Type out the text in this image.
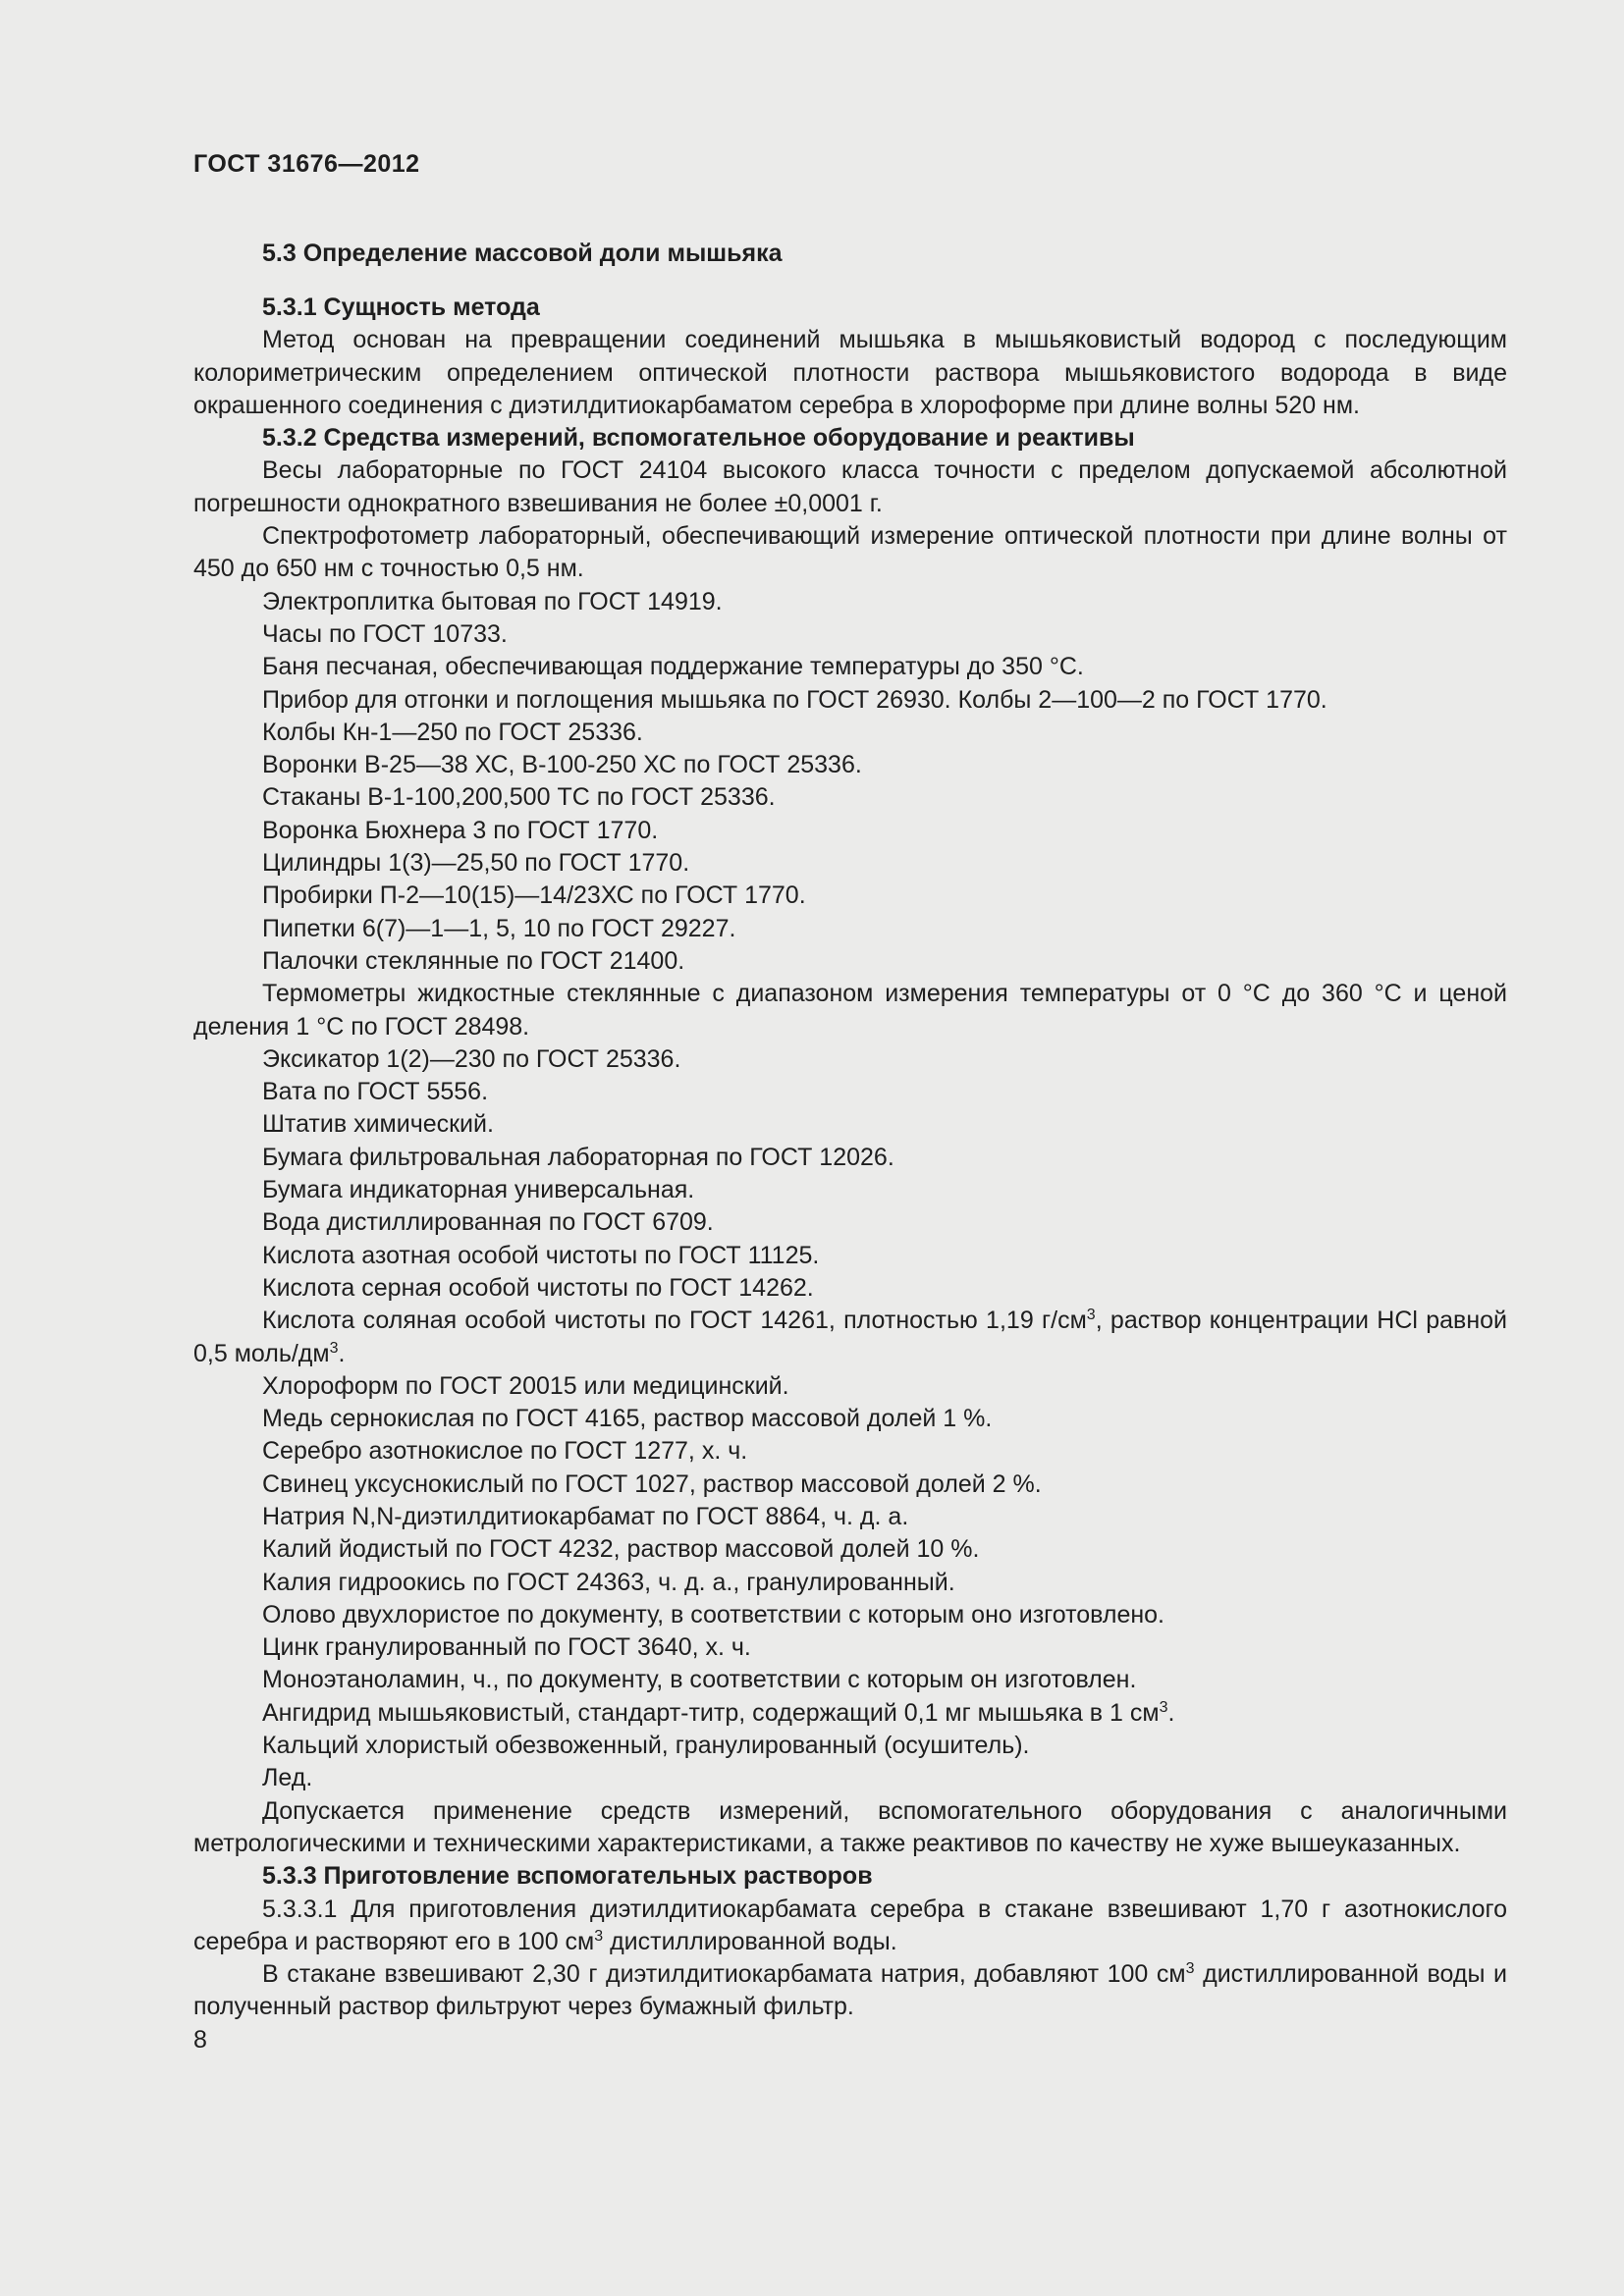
ГОСТ 31676—2012
5.3 Определение массовой доли мышьяка
5.3.1 Сущность метода
Метод основан на превращении соединений мышьяка в мышьяковистый водород с последующим колориметрическим определением оптической плотности раствора мышьяковистого водорода в виде окрашенного соединения с диэтилдитиокарбаматом серебра в хлороформе при длине волны 520 нм.
5.3.2 Средства измерений, вспомогательное оборудование и реактивы
Весы лабораторные по ГОСТ 24104 высокого класса точности с пределом допускаемой абсолютной погрешности однократного взвешивания не более ±0,0001 г.
Спектрофотометр лабораторный, обеспечивающий измерение оптической плотности при длине волны от 450 до 650 нм с точностью 0,5 нм.
Электроплитка бытовая по ГОСТ 14919.
Часы по ГОСТ 10733.
Баня песчаная, обеспечивающая поддержание температуры до 350 °C.
Прибор для отгонки и поглощения мышьяка по ГОСТ 26930. Колбы 2—100—2 по ГОСТ 1770.
Колбы Кн-1—250 по ГОСТ 25336.
Воронки В-25—38 ХС, В-100-250 ХС по ГОСТ 25336.
Стаканы В-1-100,200,500 ТС по ГОСТ 25336.
Воронка Бюхнера 3 по ГОСТ 1770.
Цилиндры 1(3)—25,50 по ГОСТ 1770.
Пробирки П-2—10(15)—14/23ХС по ГОСТ 1770.
Пипетки 6(7)—1—1, 5, 10 по ГОСТ 29227.
Палочки стеклянные по ГОСТ 21400.
Термометры жидкостные стеклянные с диапазоном измерения температуры от 0 °C до 360 °C и ценой деления 1 °C по ГОСТ 28498.
Эксикатор 1(2)—230 по ГОСТ 25336.
Вата по ГОСТ 5556.
Штатив химический.
Бумага фильтровальная лабораторная по ГОСТ 12026.
Бумага индикаторная универсальная.
Вода дистиллированная по ГОСТ 6709.
Кислота азотная особой чистоты по ГОСТ 11125.
Кислота серная особой чистоты по ГОСТ 14262.
Кислота соляная особой чистоты по ГОСТ 14261, плотностью 1,19 $г/см^3$, раствор концентрации HCl равной 0,5 моль/$дм^3$.
Хлороформ по ГОСТ 20015 или медицинский.
Медь сернокислая по ГОСТ 4165, раствор массовой долей 1 %.
Серебро азотнокислое по ГОСТ 1277, х. ч.
Свинец уксуснокислый по ГОСТ 1027, раствор массовой долей 2 %.
Натрия N,N-диэтилдитиокарбамат по ГОСТ 8864, ч. д. а.
Калий йодистый по ГОСТ 4232, раствор массовой долей 10 %.
Калия гидроокись по ГОСТ 24363, ч. д. а., гранулированный.
Олово двухлористое по документу, в соответствии с которым оно изготовлено.
Цинк гранулированный по ГОСТ 3640, х. ч.
Моноэтаноламин, ч., по документу, в соответствии с которым он изготовлен.
Ангидрид мышьяковистый, стандарт-титр, содержащий 0,1 мг мышьяка в 1 $см^3$.
Кальций хлористый обезвоженный, гранулированный (осушитель).
Лед.
Допускается применение средств измерений, вспомогательного оборудования с аналогичными метрологическими и техническими характеристиками, а также реактивов по качеству не хуже вышеуказанных.
5.3.3 Приготовление вспомогательных растворов
5.3.3.1 Для приготовления диэтилдитиокарбамата серебра в стакане взвешивают 1,70 г азотнокислого серебра и растворяют его в 100 $см^3$ дистиллированной воды.
В стакане взвешивают 2,30 г диэтилдитиокарбамата натрия, добавляют 100 $см^3$ дистиллированной воды и полученный раствор фильтруют через бумажный фильтр.
8
